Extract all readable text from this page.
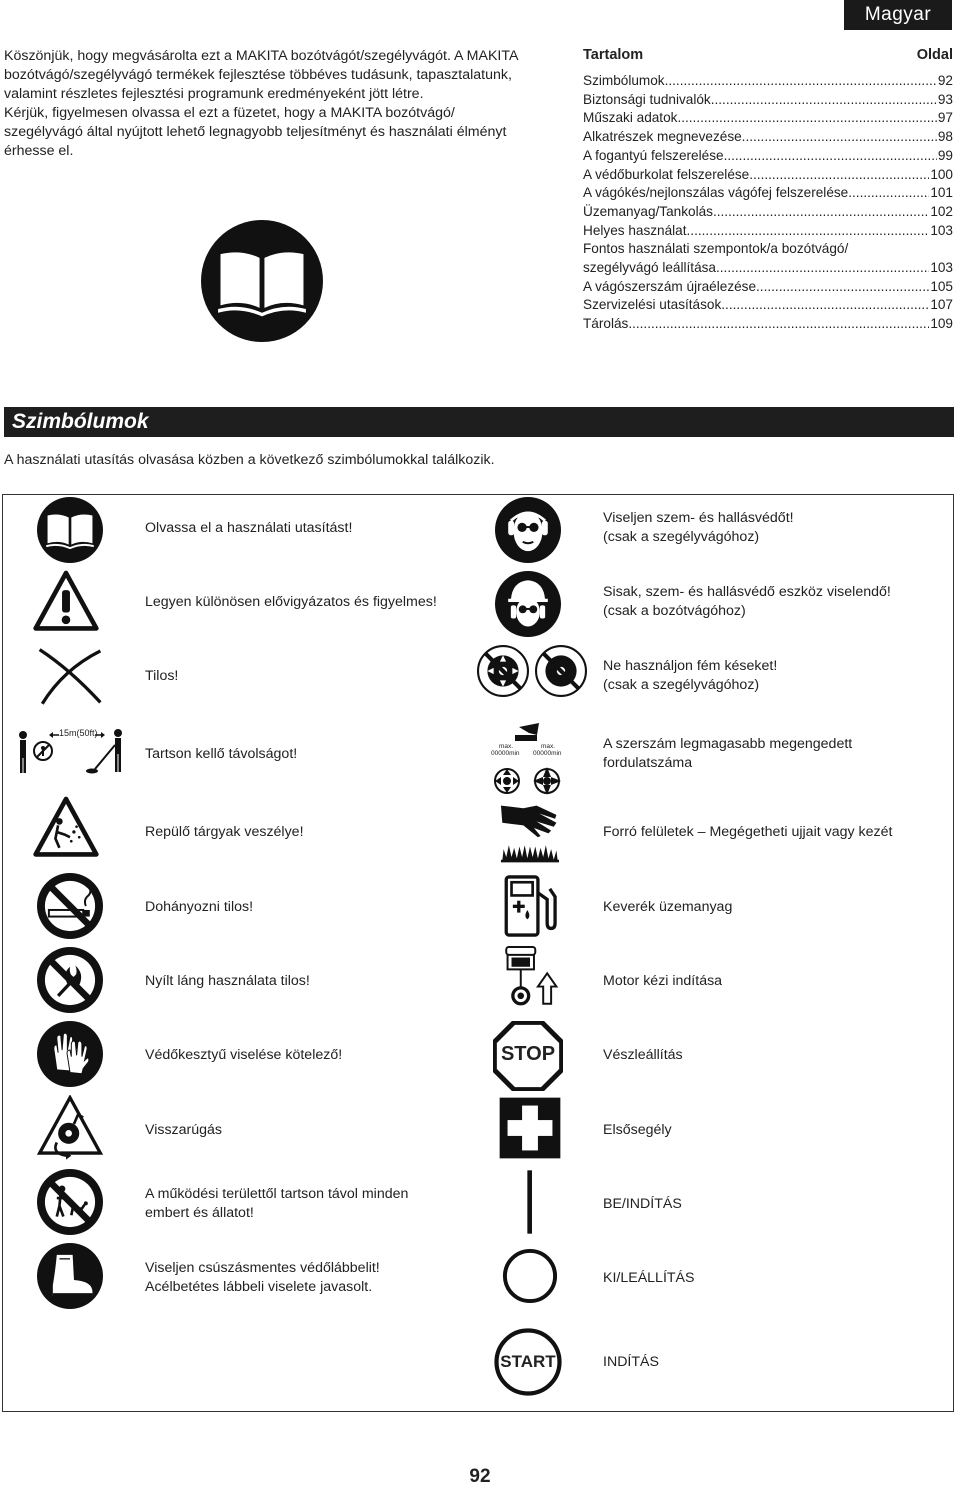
Magyar

Köszönjük, hogy megvásárolta ezt a MAKITA bozótvágót/szegélyvágót. A MAKITA bozótvágó/szegélyvágó termékek fejlesztése többéves tudásunk, tapasztalatunk, valamint részletes fejlesztési programunk eredményeként jött létre.

Kérjük, figyelmesen olvassa el ezt a füzetet, hogy a MAKITA bozótvágó/ szegélyvágó által nyújtott lehető legnagyobb teljesítményt és használati élményt érhesse el.

Tartalom	Oldal
Szimbólumok .....	92
Biztonsági tudnivalók .....	93
Műszaki adatok .....	97
Alkatrészek megnevezése .....	98
A fogantyú felszerelése .....	99
A védőburkolat felszerelése .....	100
A vágókés/nejlonszálas vágófej felszerelése .....	101
Üzemanyag/Tankolás .....	102
Helyes használat .....	103
Fontos használati szempontok/a bozótvágó/
szegélyvágó leállítása .....	103
A vágószerszám újraélezése .....	105
Szervizelési utasítások .....	107
Tárolás .....	109
Szimbólumok
A használati utasítás olvasása közben a következő szimbólumokkal találkozik.
Olvassa el a használati utasítást!
Legyen különösen elővigyázatos és figyelmes!
Tilos!
15m(50ft)
Tartson kellő távolságot!
Repülő tárgyak veszélye!
Dohányozni tilos!
Nyílt láng használata tilos!
Védőkesztyű viselése kötelező!
Visszarúgás
A működési területtől tartson távol minden
embert és állatot!
Viseljen csúszásmentes védőlábbelit!
Acélbetétes lábbeli viselete javasolt.
Viseljen szem- és hallásvédőt!
(csak a szegélyvágóhoz)
Sisak, szem- és hallásvédő eszköz viselendő!
(csak a bozótvágóhoz)
Ne használjon fém késeket!
(csak a szegélyvágóhoz)
max.
00000min
max.
00000min
A szerszám legmagasabb megengedett
fordulatszáma
Forró felületek – Megégetheti ujjait vagy kezét
Keverék üzemanyag
Motor kézi indítása
STOP	Vészleállítás
Elsősegély
BE/INDÍTÁS
KI/LEÁLLÍTÁS
START	INDÍTÁS
92
